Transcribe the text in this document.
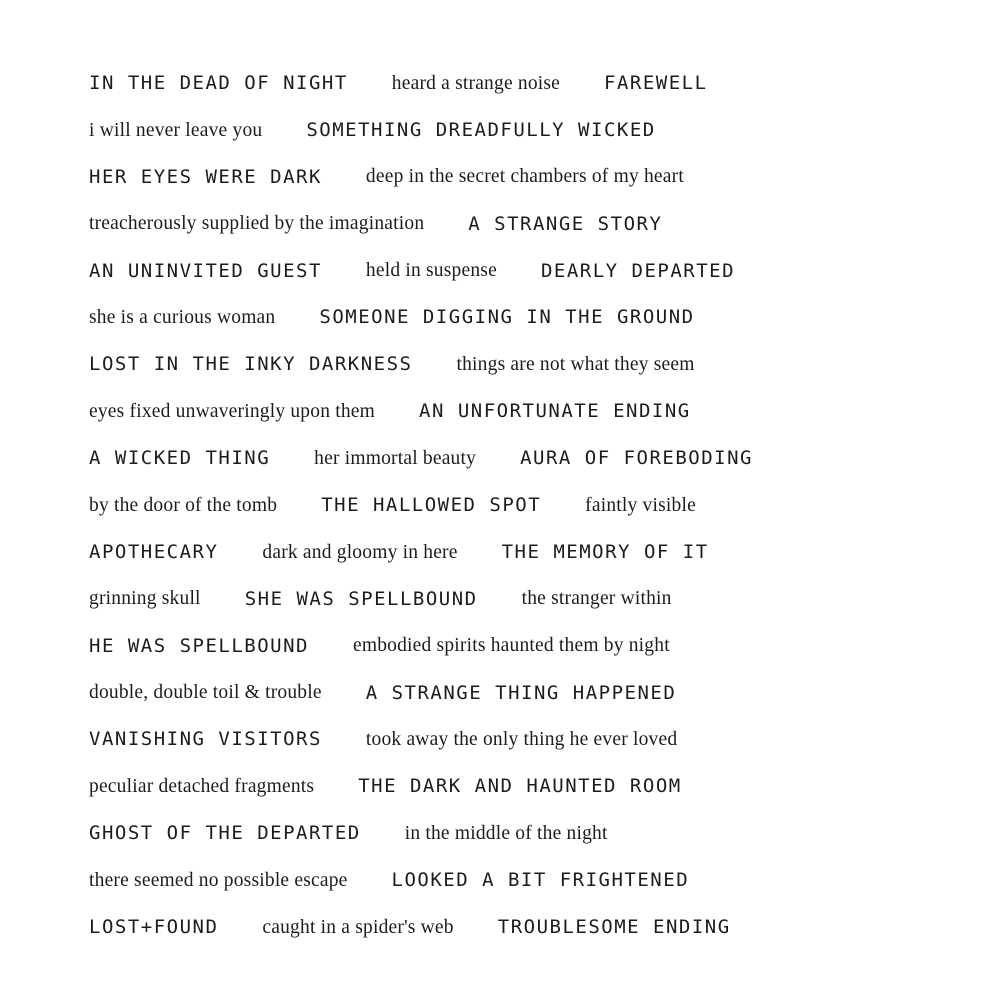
IN THE DEAD OF NIGHT heard a strange noise FAREWELL
i will never leave you SOMETHING DREADFULLY WICKED
HER EYES WERE DARK deep in the secret chambers of my heart
treacherously supplied by the imagination A STRANGE STORY
AN UNINVITED GUEST held in suspense DEARLY DEPARTED
she is a curious woman SOMEONE DIGGING IN THE GROUND
LOST IN THE INKY DARKNESS things are not what they seem
eyes fixed unwaveringly upon them AN UNFORTUNATE ENDING
A WICKED THING her immortal beauty AURA OF FOREBODING
by the door of the tomb THE HALLOWED SPOT faintly visible
APOTHECARY dark and gloomy in here THE MEMORY OF IT
grinning skull SHE WAS SPELLBOUND the stranger within
HE WAS SPELLBOUND embodied spirits haunted them by night
double, double toil & trouble A STRANGE THING HAPPENED
VANISHING VISITORS took away the only thing he ever loved
peculiar detached fragments THE DARK AND HAUNTED ROOM
GHOST OF THE DEPARTED in the middle of the night
there seemed no possible escape LOOKED A BIT FRIGHTENED
LOST+FOUND caught in a spider's web TROUBLESOME ENDING
